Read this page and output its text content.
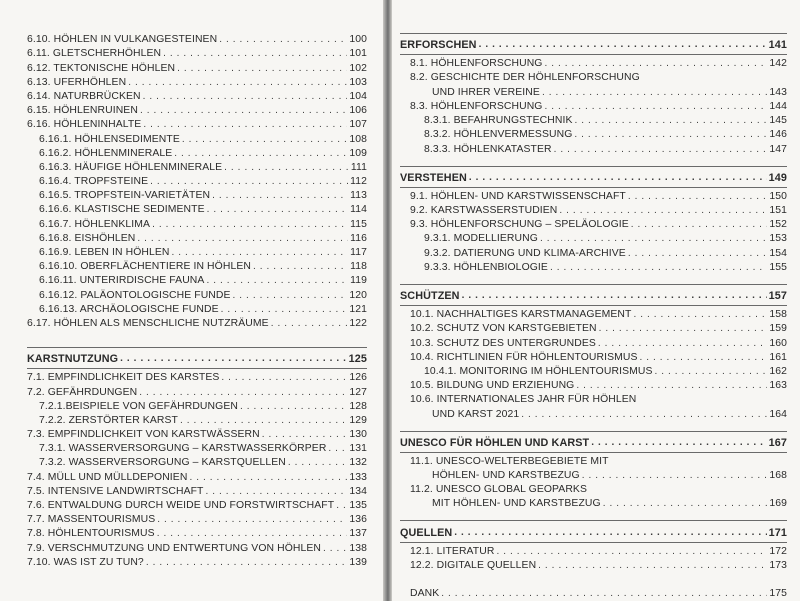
6.10. HÖHLEN IN VULKANGESTEINEN . . .	100
6.11. GLETSCHERHÖHLEN . . .	101
6.12. TEKTONISCHE HÖHLEN . . .	102
6.13. UFERHÖHLEN . . .	103
6.14. NATURBRÜCKEN . . .	104
6.15. HÖHLENRUINEN . . .	106
6.16. HÖHLENINHALTE . . .	107
6.16.1. HÖHLENSEDIMENTE . . .	108
6.16.2. HÖHLENMINERALE . . .	109
6.16.3. HÄUFIGE HÖHLENMINERALE . . .	111
6.16.4. TROPFSTEINE . . .	112
6.16.5. TROPFSTEIN-VARIETÄTEN . . .	113
6.16.6. KLASTISCHE SEDIMENTE . . .	114
6.16.7. HÖHLENKLIMA . . .	115
6.16.8. EISHÖHLEN . . .	116
6.16.9. LEBEN IN HÖHLEN . . .	117
6.16.10. OBERFLÄCHENTIERE IN HÖHLEN . . .	118
6.16.11. UNTERIRDISCHE FAUNA . . .	119
6.16.12. PALÄONTOLOGISCHE FUNDE . . .	120
6.16.13. ARCHÄOLOGISCHE FUNDE . . .	121
6.17. HÖHLEN ALS MENSCHLICHE NUTZRÄUME . . .	122
KARSTNUTZUNG . . .	125
7.1. EMPFINDLICHKEIT DES KARSTES . . .	126
7.2. GEFÄHRDUNGEN . . .	127
7.2.1.BEISPIELE VON GEFÄHRDUNGEN . . .	128
7.2.2. ZERSTÖRTER KARST . . .	129
7.3. EMPFINDLICHKEIT VON KARSTWÄSSERN . . .	130
7.3.1. WASSERVERSORGUNG – KARSTWASSERKÖRPER . . . 131
7.3.2. WASSERVERSORGUNG – KARSTQUELLEN . . .	132
7.4. MÜLL UND MÜLLDEPONIEN . . .	133
7.5. INTENSIVE LANDWIRTSCHAFT . . .	134
7.6. ENTWALDUNG DURCH WEIDE UND FORSTWIRTSCHAFT . . . 135
7.7. MASSENTOURISMUS . . .	136
7.8. HÖHLENTOURISMUS . . .	137
7.9. VERSCHMUTZUNG UND ENTWERTUNG VON HÖHLEN . . .	138
7.10. WAS IST ZU TUN? . . .	139
ERFORSCHEN . . .	141
8.1. HÖHLENFORSCHUNG . . .	142
8.2. GESCHICHTE DER HÖHLENFORSCHUNG
UND IHRER VEREINE . . .	143
8.3. HÖHLENFORSCHUNG . . .	144
8.3.1. BEFAHRUNGSTECHNIK . . .	145
8.3.2. HÖHLENVERMESSUNG . . .	146
8.3.3. HÖHLENKATASTER . . .	147
VERSTEHEN . . .	149
9.1. HÖHLEN- UND KARSTWISSENSCHAFT . . .	150
9.2. KARSTWASSERSTUDIEN . . .	151
9.3. HÖHLENFORSCHUNG – SPELÄOLOGIE . . .	152
9.3.1. MODELLIERUNG . . .	153
9.3.2. DATIERUNG UND KLIMA-ARCHIVE . . .	154
9.3.3. HÖHLENBIOLOGIE . . .	155
SCHÜTZEN . . .	157
10.1. NACHHALTIGES KARSTMANAGEMENT . . .	158
10.2. SCHUTZ VON KARSTGEBIETEN . . .	159
10.3. SCHUTZ DES UNTERGRUNDES . . .	160
10.4. RICHTLINIEN FÜR HÖHLENTOURISMUS . . .	161
10.4.1. MONITORING IM HÖHLENTOURISMUS . . .	162
10.5. BILDUNG UND ERZIEHUNG . . .	163
10.6. INTERNATIONALES JAHR FÜR HÖHLEN
UND KARST 2021 . . .	164
UNESCO FÜR HÖHLEN UND KARST . . .	167
11.1. UNESCO-WELTERBEGEBIETE MIT
HÖHLEN- UND KARSTBEZUG . . .	168
11.2. UNESCO GLOBAL GEOPARKS
MIT HÖHLEN- UND KARSTBEZUG . . .	169
QUELLEN . . .	171
12.1. LITERATUR . . .	172
12.2. DIGITALE QUELLEN . . .	173
DANK . . .	175
